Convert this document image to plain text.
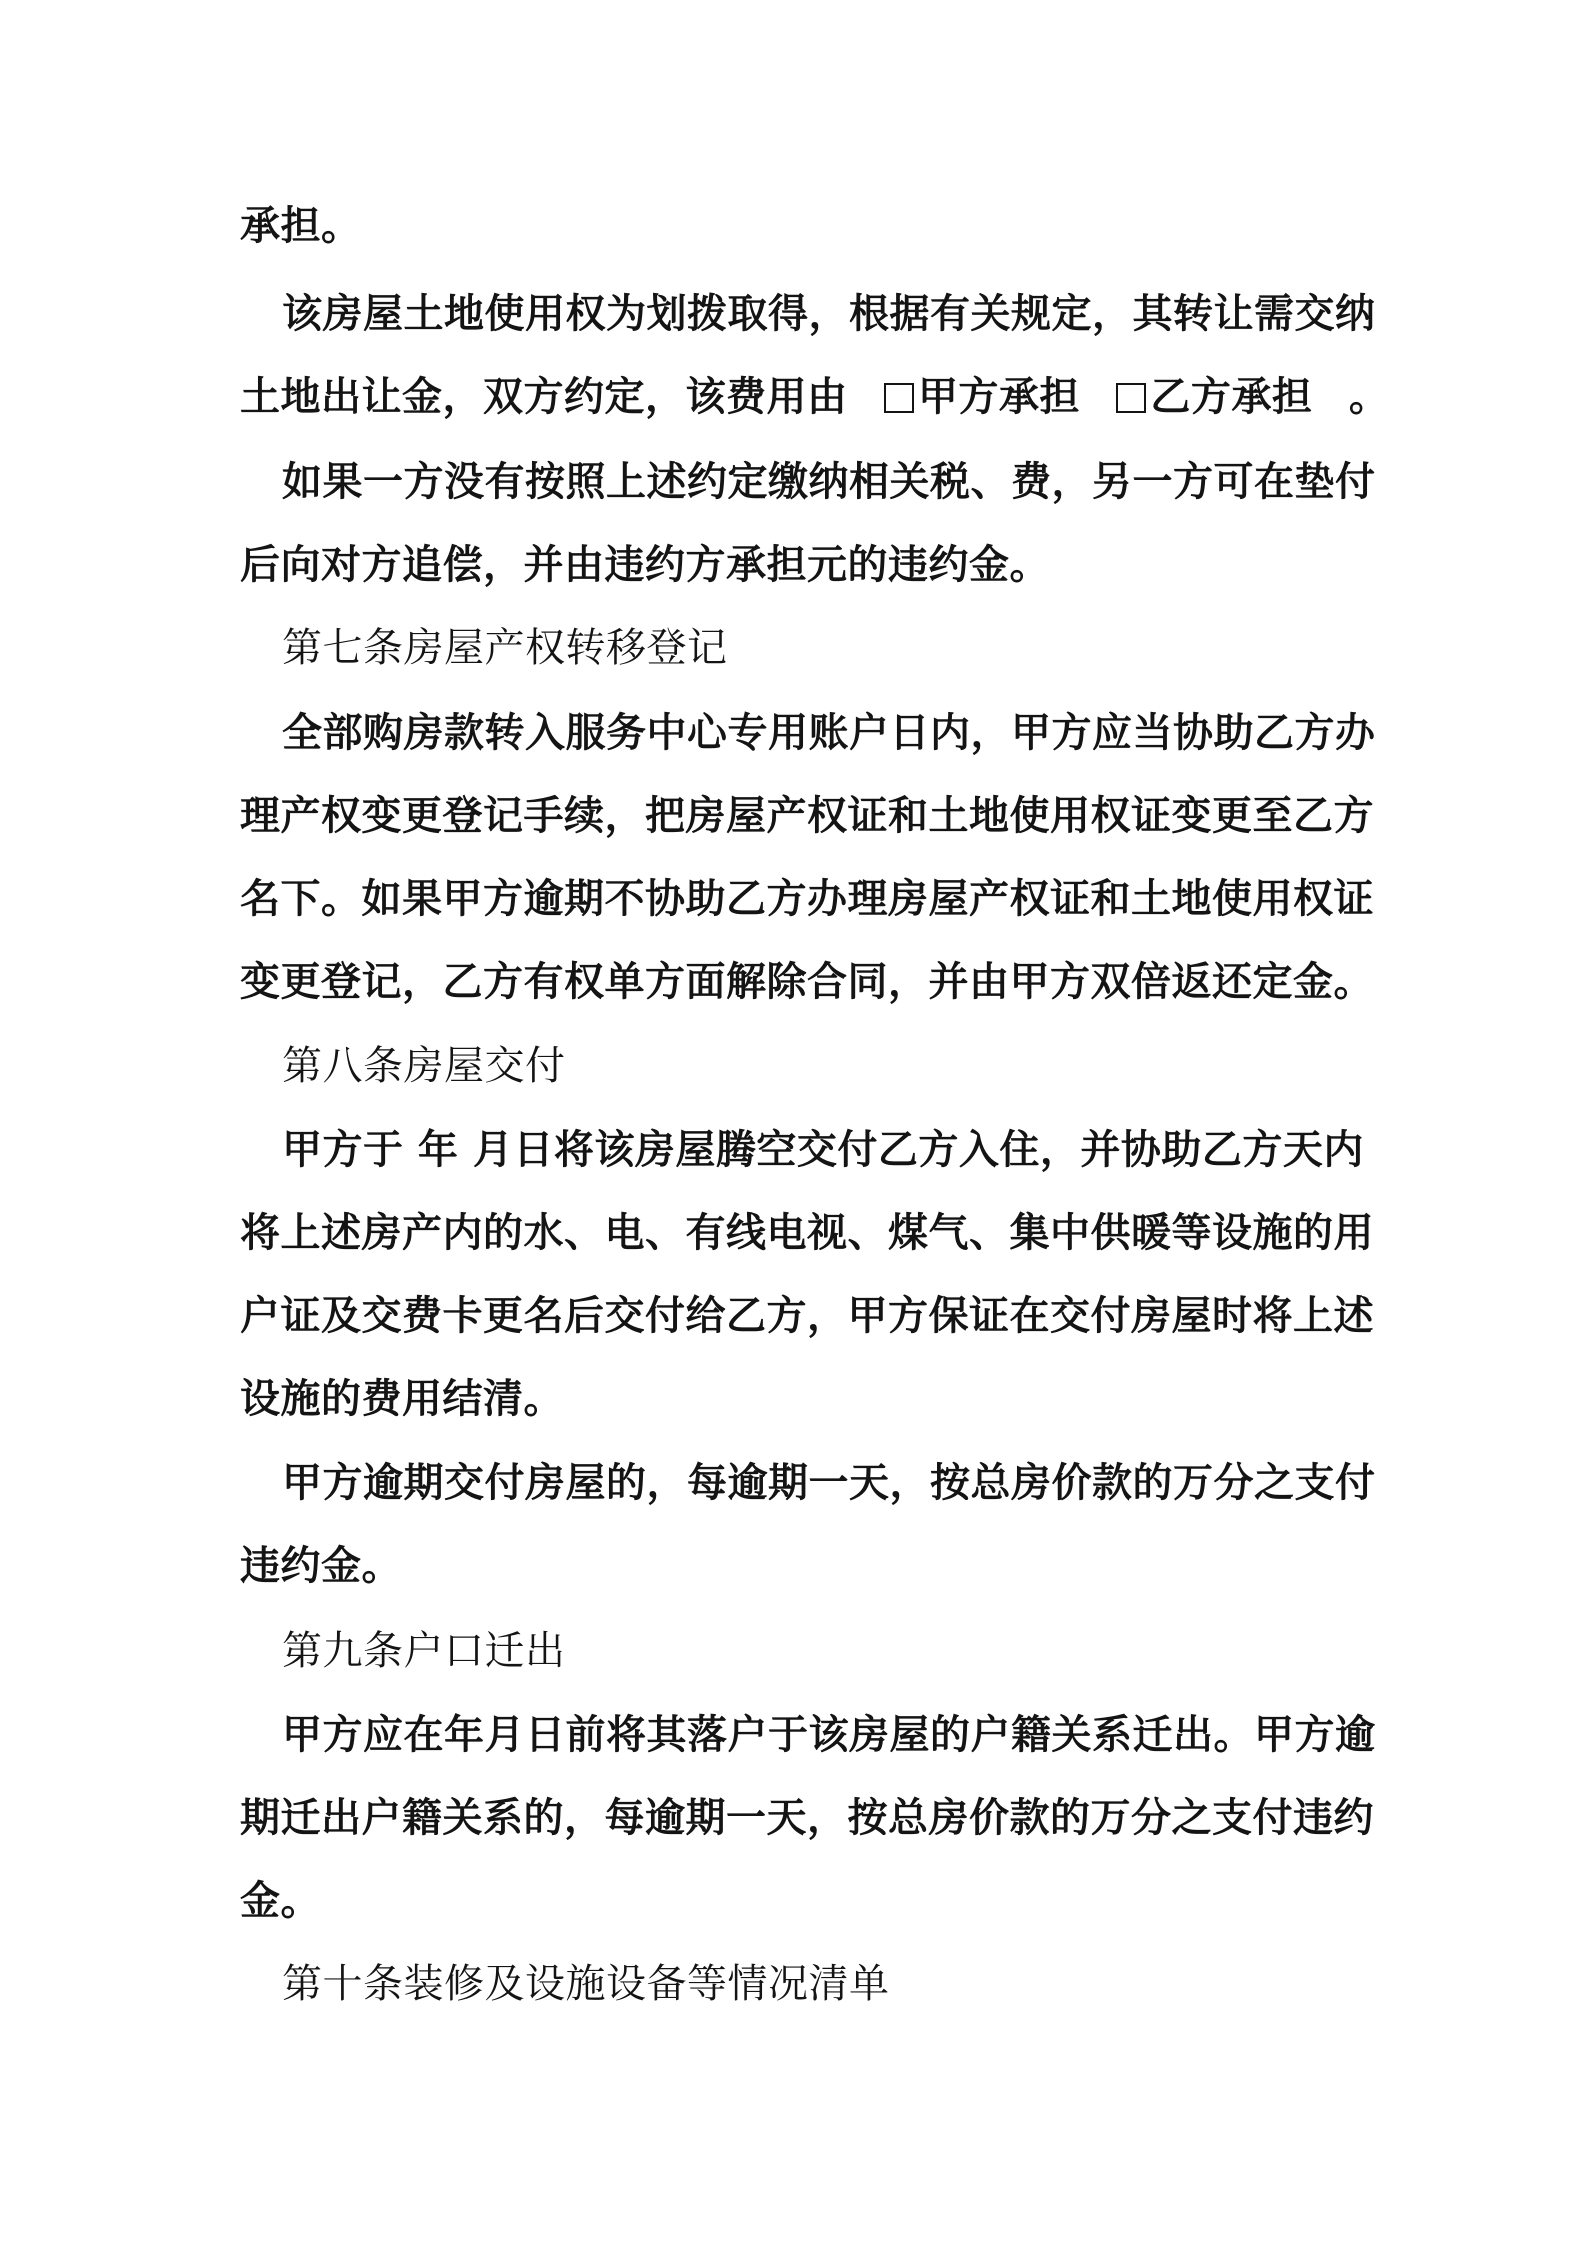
承担。
该房屋土地使用权为划拨取得，根据有关规定，其转让需交纳
土地出让金，双方约定，该费用由 甲方承担 乙方承担 。
如果一方没有按照上述约定缴纳相关税、费，另一方可在垫付
后向对方追偿，并由违约方承担元的违约金。
第七条房屋产权转移登记
全部购房款转入服务中心专用账户日内，甲方应当协助乙方办
理产权变更登记手续，把房屋产权证和土地使用权证变更至乙方
名下。如果甲方逾期不协助乙方办理房屋产权证和土地使用权证
变更登记，乙方有权单方面解除合同，并由甲方双倍返还定金。
第八条房屋交付
甲方于 年 月日将该房屋腾空交付乙方入住，并协助乙方天内
将上述房产内的水、电、有线电视、煤气、集中供暖等设施的用
户证及交费卡更名后交付给乙方，甲方保证在交付房屋时将上述
设施的费用结清。
甲方逾期交付房屋的，每逾期一天，按总房价款的万分之支付
违约金。
第九条户口迁出
甲方应在年月日前将其落户于该房屋的户籍关系迁出。甲方逾
期迁出户籍关系的，每逾期一天，按总房价款的万分之支付违约
金。
第十条装修及设施设备等情况清单
